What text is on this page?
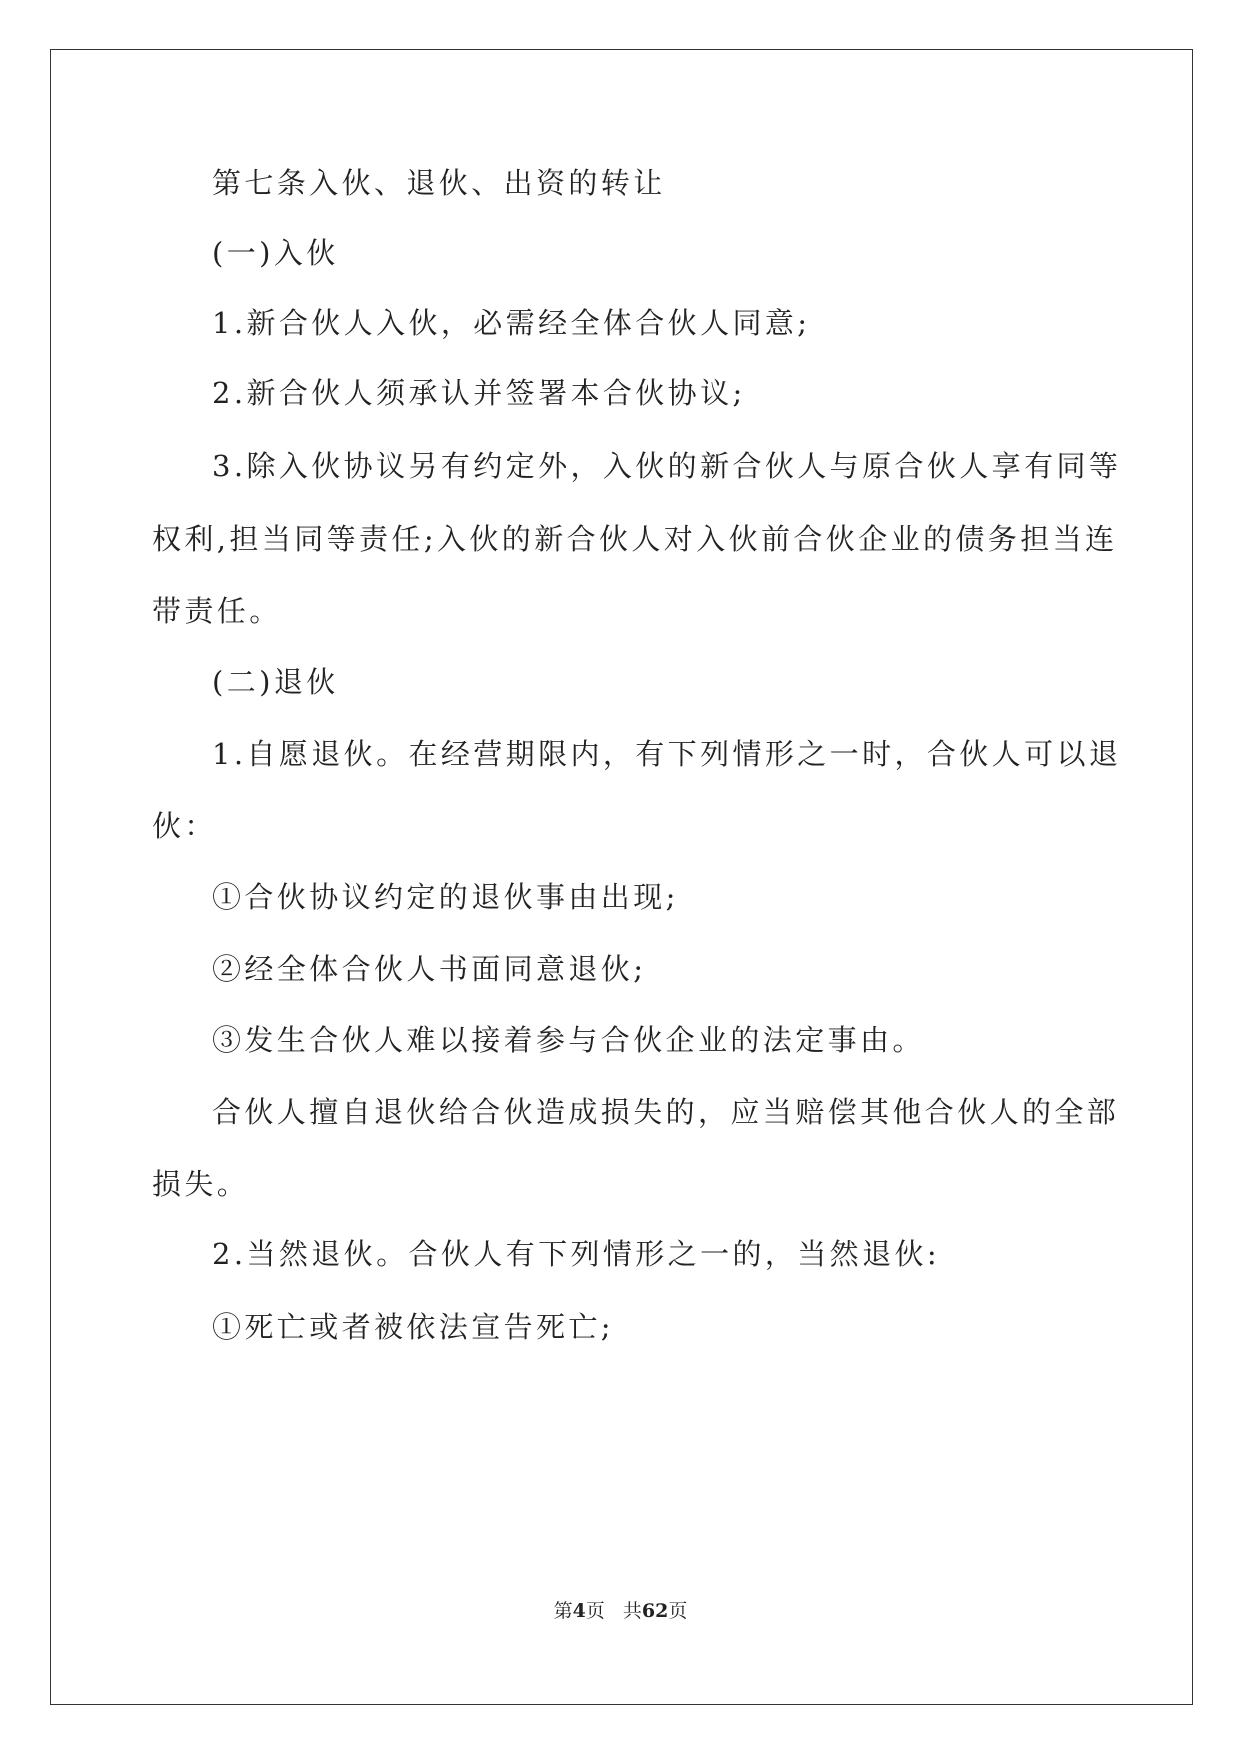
第七条入伙、退伙、出资的转让
(一)入伙
1.新合伙人入伙，必需经全体合伙人同意;
2.新合伙人须承认并签署本合伙协议;
3.除入伙协议另有约定外，入伙的新合伙人与原合伙人享有同等
权利,担当同等责任;入伙的新合伙人对入伙前合伙企业的债务担当连
带责任。
(二)退伙
1.自愿退伙。在经营期限内，有下列情形之一时，合伙人可以退
伙：
①合伙协议约定的退伙事由出现;
②经全体合伙人书面同意退伙;
③发生合伙人难以接着参与合伙企业的法定事由。
合伙人擅自退伙给合伙造成损失的，应当赔偿其他合伙人的全部
损失。
2.当然退伙。合伙人有下列情形之一的，当然退伙:
①死亡或者被依法宣告死亡;
第4页 共62页
